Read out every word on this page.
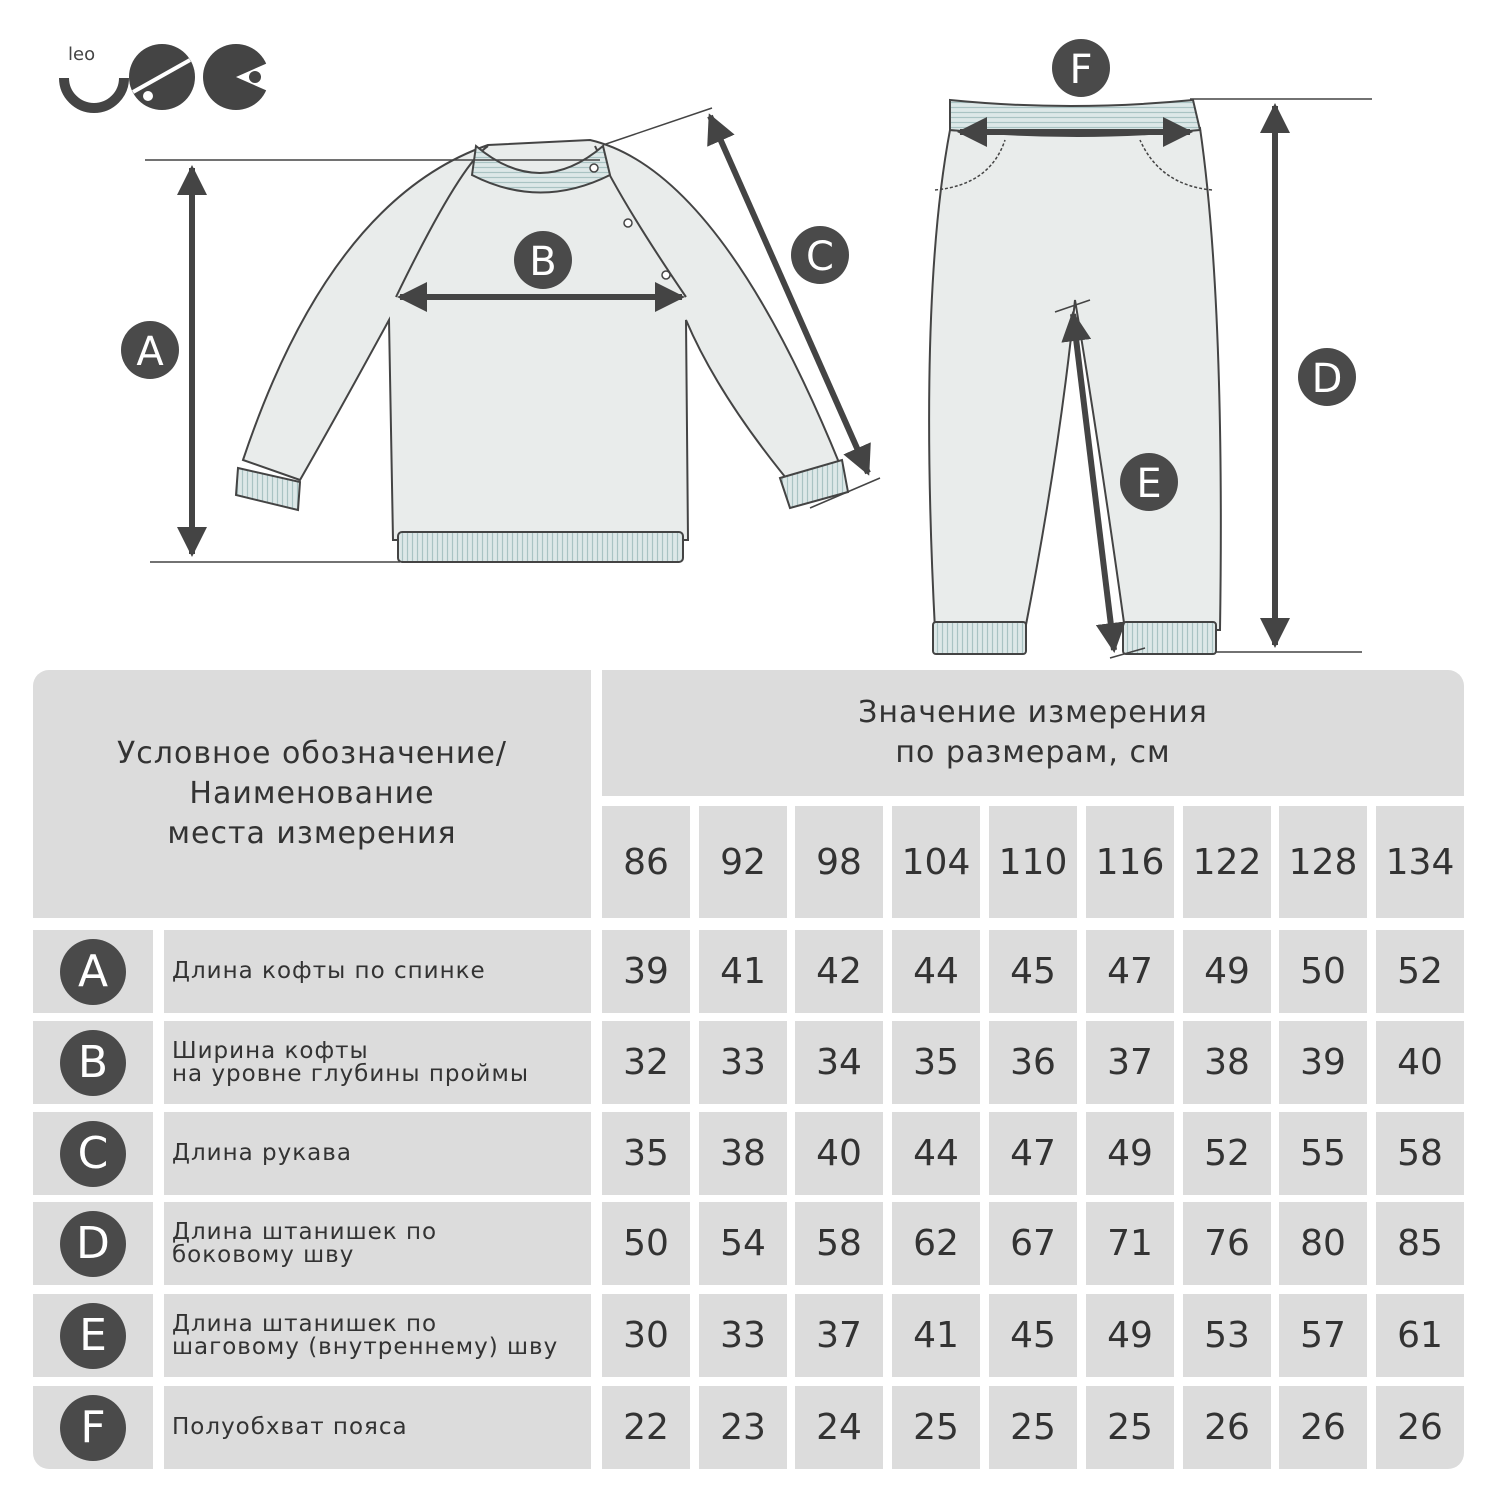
leo
A
B	C
D
E
F
Условное обозначение/
Наименование
места измерения
Значение измерения
по размерам, см
86	92	98	104 110 116 122 128 134
A	Длина кофты по спинке	39	41	42	44	45	47	49	50	52
B	Ширина кофты
на уровне глубины проймы	32	33	34	35	36	37	38	39	40
C	Длина рукава	35	38	40	44	47	49	52	55	58
D	Длина штанишек по
боковому шву	50	54	58	62	67	71	76	80	85
E	Длина штанишек по
шаговому (внутреннему) шву	30	33	37	41	45	49	53	57	61
F	Полуобхват пояса	22	23	24	25	25	25	26	26	26
